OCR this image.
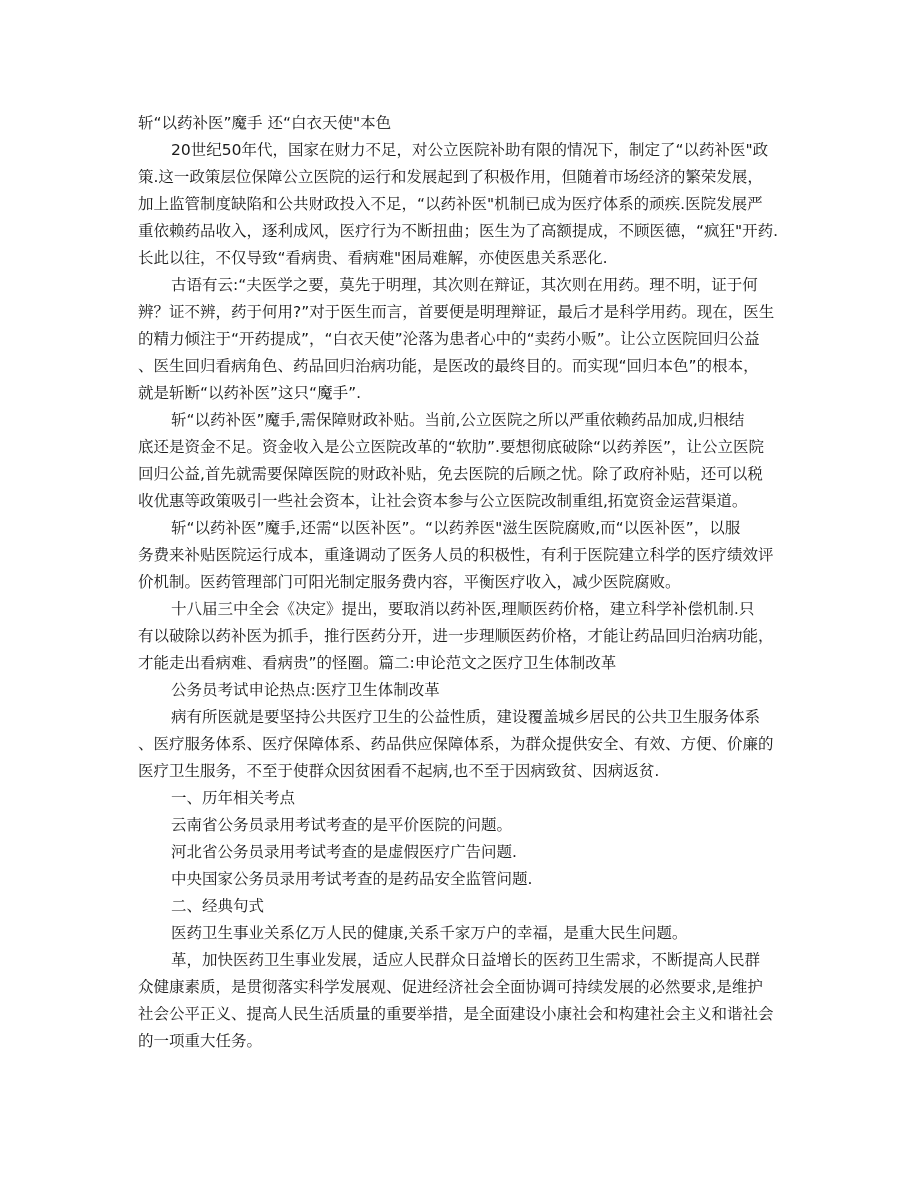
斩“以药补医”魔手 还“白衣天使"本色
20世纪50年代，国家在财力不足，对公立医院补助有限的情况下，制定了“以药补医"政
策.这一政策层位保障公立医院的运行和发展起到了积极作用，但随着市场经济的繁荣发展，
加上监管制度缺陷和公共财政投入不足，“以药补医"机制已成为医疗体系的顽疾.医院发展严
重依赖药品收入，逐利成风，医疗行为不断扭曲；医生为了高额提成，不顾医德，“疯狂"开药.
长此以往，不仅导致“看病贵、看病难"困局难解，亦使医患关系恶化.
古语有云:“夫医学之要，莫先于明理，其次则在辩证，其次则在用药。理不明，证于何
辨？证不辨，药于何用?”对于医生而言，首要便是明理辩证，最后才是科学用药。现在，医生
的精力倾注于“开药提成”，“白衣天使”沦落为患者心中的“卖药小贩”。让公立医院回归公益
、医生回归看病角色、药品回归治病功能，是医改的最终目的。而实现“回归本色”的根本，
就是斩断“以药补医”这只“魔手”.
斩“以药补医”魔手,需保障财政补贴。当前,公立医院之所以严重依赖药品加成,归根结
底还是资金不足。资金收入是公立医院改革的“软肋”.要想彻底破除“以药养医”，让公立医院
回归公益,首先就需要保障医院的财政补贴，免去医院的后顾之忧。除了政府补贴，还可以税
收优惠等政策吸引一些社会资本，让社会资本参与公立医院改制重组,拓宽资金运营渠道。
斩“以药补医”魔手,还需“以医补医”。“以药养医"滋生医院腐败,而“以医补医”，以服
务费来补贴医院运行成本，重逢调动了医务人员的积极性，有利于医院建立科学的医疗绩效评
价机制。医药管理部门可阳光制定服务费内容，平衡医疗收入，减少医院腐败。
十八届三中全会《决定》提出，要取消以药补医,理顺医药价格，建立科学补偿机制.只
有以破除以药补医为抓手，推行医药分开，进一步理顺医药价格，才能让药品回归治病功能，
才能走出看病难、看病贵”的怪圈。篇二:申论范文之医疗卫生体制改革
公务员考试申论热点:医疗卫生体制改革
病有所医就是要坚持公共医疗卫生的公益性质，建设覆盖城乡居民的公共卫生服务体系
、医疗服务体系、医疗保障体系、药品供应保障体系，为群众提供安全、有效、方便、价廉的
医疗卫生服务，不至于使群众因贫困看不起病,也不至于因病致贫、因病返贫.
一、历年相关考点
云南省公务员录用考试考查的是平价医院的问题。
河北省公务员录用考试考查的是虚假医疗广告问题.
中央国家公务员录用考试考查的是药品安全监管问题.
二、经典句式
医药卫生事业关系亿万人民的健康,关系千家万户的幸福，是重大民生问题。
革，加快医药卫生事业发展，适应人民群众日益增长的医药卫生需求，不断提高人民群
众健康素质，是贯彻落实科学发展观、促进经济社会全面协调可持续发展的必然要求,是维护
社会公平正义、提高人民生活质量的重要举措，是全面建设小康社会和构建社会主义和谐社会
的一项重大任务。
